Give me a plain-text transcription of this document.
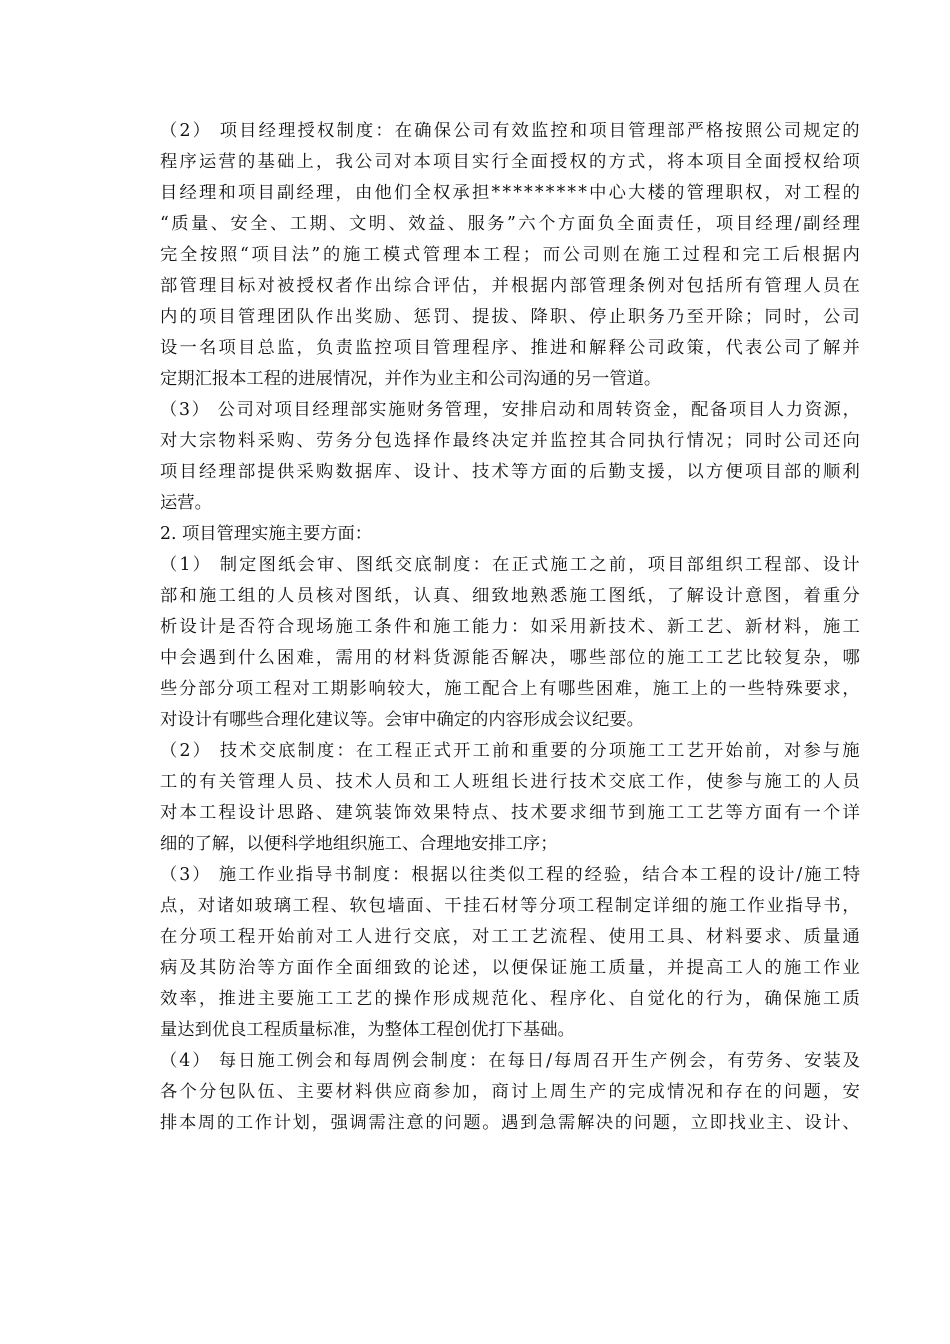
（ 2 ）
项 目 经 理 授 权 制 度 ： 在 确 保 公 司 有 效 监 控 和 项 目 管 理 部 严 格 按 照 公 司 规 定 的
程 序 运 营 的 基 础 上 ， 我 公 司 对 本 项 目 实 行 全 面 授 权 的 方 式 ， 将 本 项 目 全 面 授 权 给 项
目 经 理 和 项 目 副 经 理 ， 由 他 们 全 权 承 担 * * * * * * * * * 中 心 大 楼 的 管 理 职 权 ， 对 工 程 的
“ 质 量 、 安 全 、 工 期 、 文 明 、 效 益 、 服 务 ” 六 个 方 面 负 全 面 责 任 ， 项 目 经 理 / 副 经 理
完 全 按 照 “ 项 目 法 ” 的 施 工 模 式 管 理 本 工 程 ； 而 公 司 则 在 施 工 过 程 和 完 工 后 根 据 内
部 管 理 目 标 对 被 授 权 者 作 出 综 合 评 估 ， 并 根 据 内 部 管 理 条 例 对 包 括 所 有 管 理 人 员 在
内 的 项 目 管 理 团 队 作 出 奖 励 、 惩 罚 、 提 拔 、 降 职 、 停 止 职 务 乃 至 开 除 ； 同 时 ， 公 司
设 一 名 项 目 总 监 ， 负 责 监 控 项 目 管 理 程 序 、 推 进 和 解 释 公 司 政 策 ， 代 表 公 司 了 解 并
定期汇报本工程的进展情况，并作为业主和公司沟通的另一管道。
（ 3 ）
公 司 对 项 目 经 理 部 实 施 财 务 管 理 ， 安 排 启 动 和 周 转 资 金 ， 配 备 项 目 人 力 资 源 ，
对 大 宗 物 料 采 购 、 劳 务 分 包 选 择 作 最 终 决 定 并 监 控 其 合 同 执 行 情 况 ； 同 时 公 司 还 向
项 目 经 理 部 提 供 采 购 数 据 库 、 设 计 、 技 术 等 方 面 的 后 勤 支 援 ， 以 方 便 项 目 部 的 顺 利
运营。
2. 项目管理实施主要方面：
（ 1 ）
制 定 图 纸 会 审 、 图 纸 交 底 制 度 ： 在 正 式 施 工 之 前 ， 项 目 部 组 织 工 程 部 、 设 计
部 和 施 工 组 的 人 员 核 对 图 纸 ， 认 真 、 细 致 地 熟 悉 施 工 图 纸 ， 了 解 设 计 意 图 ， 着 重 分
析 设 计 是 否 符 合 现 场 施 工 条 件 和 施 工 能 力 ： 如 采 用 新 技 术 、 新 工 艺 、 新 材 料 ， 施 工
中 会 遇 到 什 么 困 难 ， 需 用 的 材 料 货 源 能 否 解 决 ， 哪 些 部 位 的 施 工 工 艺 比 较 复 杂 ， 哪
些 分 部 分 项 工 程 对 工 期 影 响 较 大 ， 施 工 配 合 上 有 哪 些 困 难 ， 施 工 上 的 一 些 特 殊 要 求 ，
对设计有哪些合理化建议等。会审中确定的内容形成会议纪要。
（ 2 ）
技 术 交 底 制 度 ： 在 工 程 正 式 开 工 前 和 重 要 的 分 项 施 工 工 艺 开 始 前 ， 对 参 与 施
工 的 有 关 管 理 人 员 、 技 术 人 员 和 工 人 班 组 长 进 行 技 术 交 底 工 作 ， 使 参 与 施 工 的 人 员
对 本 工 程 设 计 思 路 、 建 筑 装 饰 效 果 特 点 、 技 术 要 求 细 节 到 施 工 工 艺 等 方 面 有 一 个 详
细的了解，以便科学地组织施工、合理地安排工序；
（ 3 ）
施 工 作 业 指 导 书 制 度 ： 根 据 以 往 类 似 工 程 的 经 验 ， 结 合 本 工 程 的 设 计 / 施 工 特
点 ， 对 诸 如 玻 璃 工 程 、 软 包 墙 面 、 干 挂 石 材 等 分 项 工 程 制 定 详 细 的 施 工 作 业 指 导 书 ，
在 分 项 工 程 开 始 前 对 工 人 进 行 交 底 ， 对 工 工 艺 流 程 、 使 用 工 具 、 材 料 要 求 、 质 量 通
病 及 其 防 治 等 方 面 作 全 面 细 致 的 论 述 ， 以 便 保 证 施 工 质 量 ， 并 提 高 工 人 的 施 工 作 业
效 率 ， 推 进 主 要 施 工 工 艺 的 操 作 形 成 规 范 化 、 程 序 化 、 自 觉 化 的 行 为 ， 确 保 施 工 质
量达到优良工程质量标准，为整体工程创优打下基础。
（ 4 ）
每 日 施 工 例 会 和 每 周 例 会 制 度 ： 在 每 日 / 每 周 召 开 生 产 例 会 ， 有 劳 务 、 安 装 及
各 个 分 包 队 伍 、 主 要 材 料 供 应 商 参 加 ， 商 讨 上 周 生 产 的 完 成 情 况 和 存 在 的 问 题 ， 安
排 本 周 的 工 作 计 划 ， 强 调 需 注 意 的 问 题 。 遇 到 急 需 解 决 的 问 题 ， 立 即 找 业 主 、 设 计 、
